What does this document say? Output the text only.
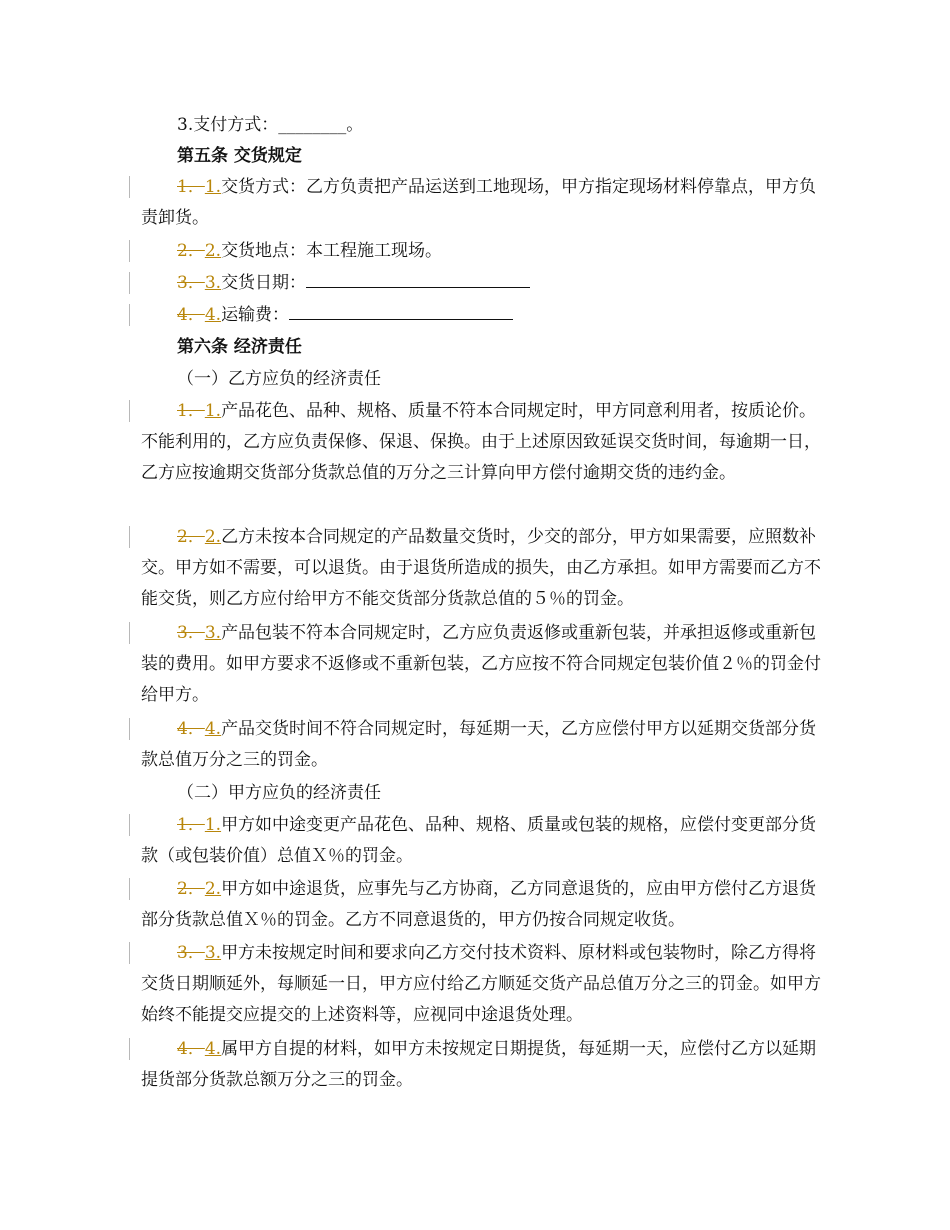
3.支付方式：________。

第五条 交货规定

1．1.交货方式：乙方负责把产品运送到工地现场，甲方指定现场材料停靠点，甲方负责卸货。

2．2.交货地点：本工程施工现场。

3．3.交货日期：

4．4.运输费：

第六条 经济责任

（一）乙方应负的经济责任

1．1.产品花色、品种、规格、质量不符本合同规定时，甲方同意利用者，按质论价。不能利用的，乙方应负责保修、保退、保换。由于上述原因致延误交货时间，每逾期一日，乙方应按逾期交货部分货款总值的万分之三计算向甲方偿付逾期交货的违约金。

2．2.乙方未按本合同规定的产品数量交货时，少交的部分，甲方如果需要，应照数补交。甲方如不需要，可以退货。由于退货所造成的损失，由乙方承担。如甲方需要而乙方不能交货，则乙方应付给甲方不能交货部分货款总值的５％的罚金。

3．3.产品包装不符本合同规定时，乙方应负责返修或重新包装，并承担返修或重新包装的费用。如甲方要求不返修或不重新包装，乙方应按不符合同规定包装价值２％的罚金付给甲方。

4．4.产品交货时间不符合同规定时，每延期一天，乙方应偿付甲方以延期交货部分货款总值万分之三的罚金。

（二）甲方应负的经济责任

1．1.甲方如中途变更产品花色、品种、规格、质量或包装的规格，应偿付变更部分货款（或包装价值）总值Ｘ％的罚金。

2．2.甲方如中途退货，应事先与乙方协商，乙方同意退货的，应由甲方偿付乙方退货部分货款总值Ｘ％的罚金。乙方不同意退货的，甲方仍按合同规定收货。

3．3.甲方未按规定时间和要求向乙方交付技术资料、原材料或包装物时，除乙方得将交货日期顺延外，每顺延一日，甲方应付给乙方顺延交货产品总值万分之三的罚金。如甲方始终不能提交应提交的上述资料等，应视同中途退货处理。

4．4.属甲方自提的材料，如甲方未按规定日期提货，每延期一天，应偿付乙方以延期提货部分货款总额万分之三的罚金。
